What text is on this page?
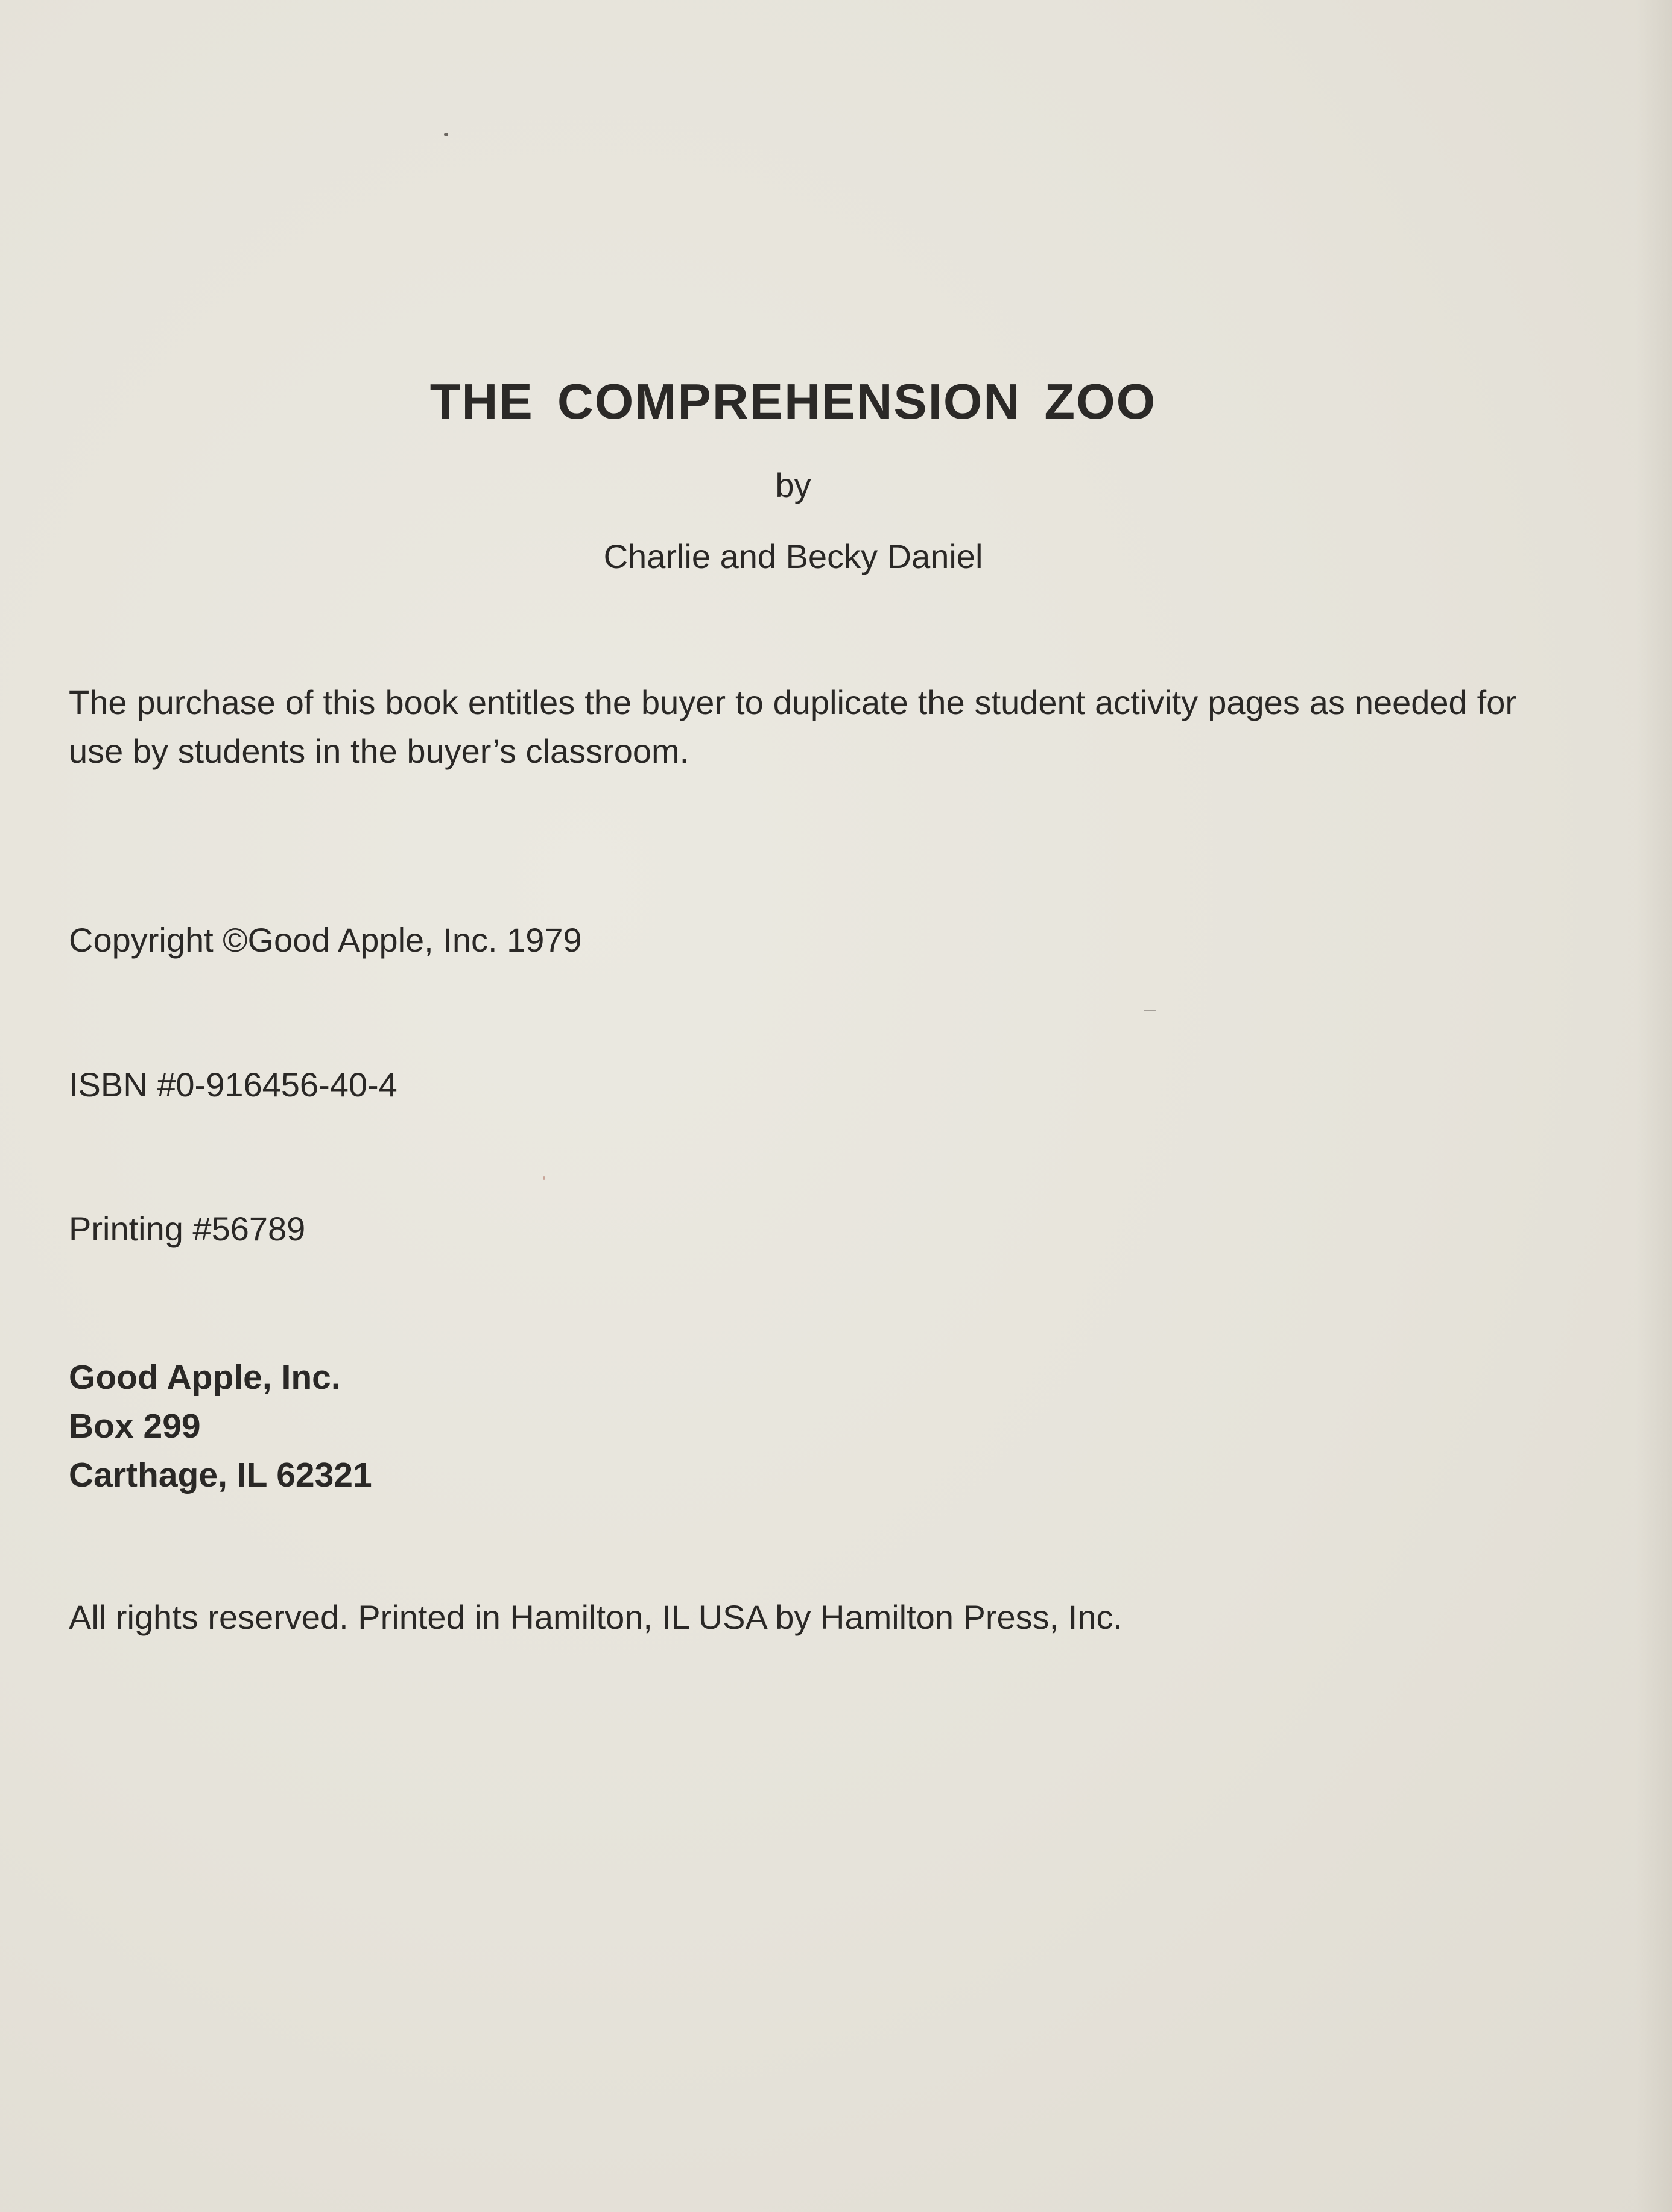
THE COMPREHENSION ZOO
by
Charlie and Becky Daniel
The purchase of this book entitles the buyer to duplicate the student activity pages as needed for use by students in the buyer’s classroom.
Copyright ©Good Apple, Inc. 1979
ISBN #0-916456-40-4
Printing #56789
Good Apple, Inc.
Box 299
Carthage, IL 62321
All rights reserved. Printed in Hamilton, IL USA by Hamilton Press, Inc.
